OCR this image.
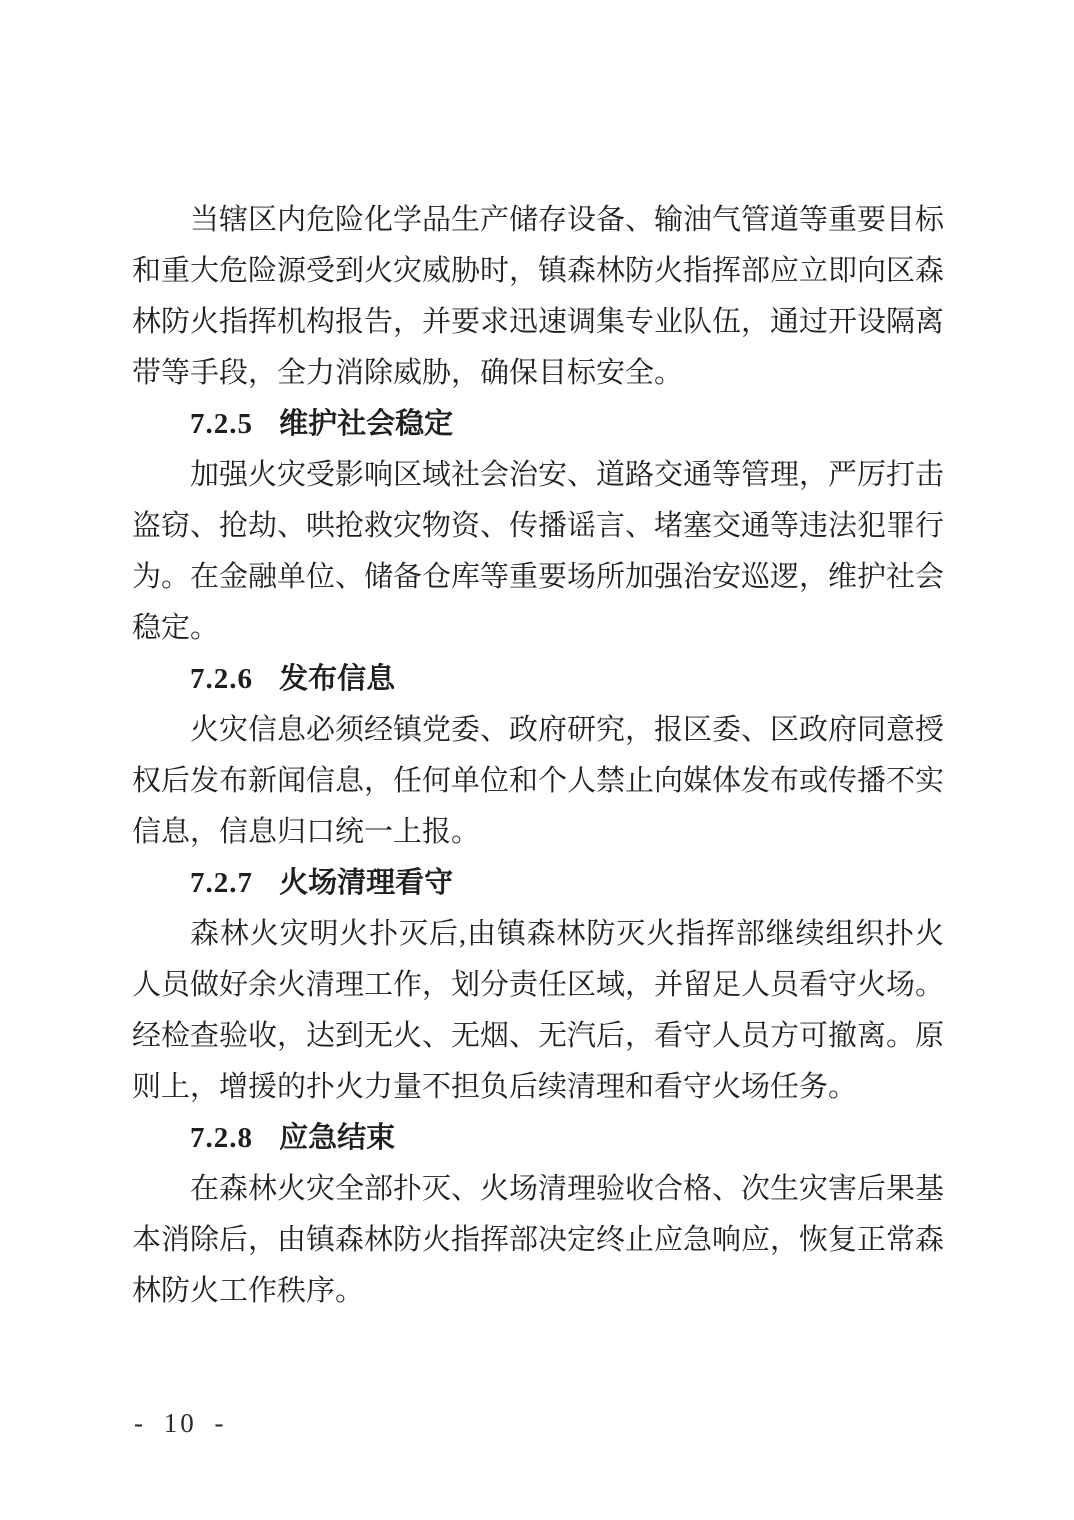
当辖区内危险化学品生产储存设备、输油气管道等重要目标和重大危险源受到火灾威胁时，镇森林防火指挥部应立即向区森林防火指挥机构报告，并要求迅速调集专业队伍，通过开设隔离带等手段，全力消除威胁，确保目标安全。

7.2.5 维护社会稳定

加强火灾受影响区域社会治安、道路交通等管理，严厉打击盗窃、抢劫、哄抢救灾物资、传播谣言、堵塞交通等违法犯罪行为。在金融单位、储备仓库等重要场所加强治安巡逻，维护社会稳定。

7.2.6 发布信息

火灾信息必须经镇党委、政府研究，报区委、区政府同意授权后发布新闻信息，任何单位和个人禁止向媒体发布或传播不实信息，信息归口统一上报。

7.2.7 火场清理看守

森林火灾明火扑灭后,由镇森林防灭火指挥部继续组织扑火人员做好余火清理工作，划分责任区域，并留足人员看守火场。经检查验收，达到无火、无烟、无汽后，看守人员方可撤离。原则上，增援的扑火力量不担负后续清理和看守火场任务。

7.2.8 应急结束

在森林火灾全部扑灭、火场清理验收合格、次生灾害后果基本消除后，由镇森林防火指挥部决定终止应急响应，恢复正常森林防火工作秩序。

- 10 -
